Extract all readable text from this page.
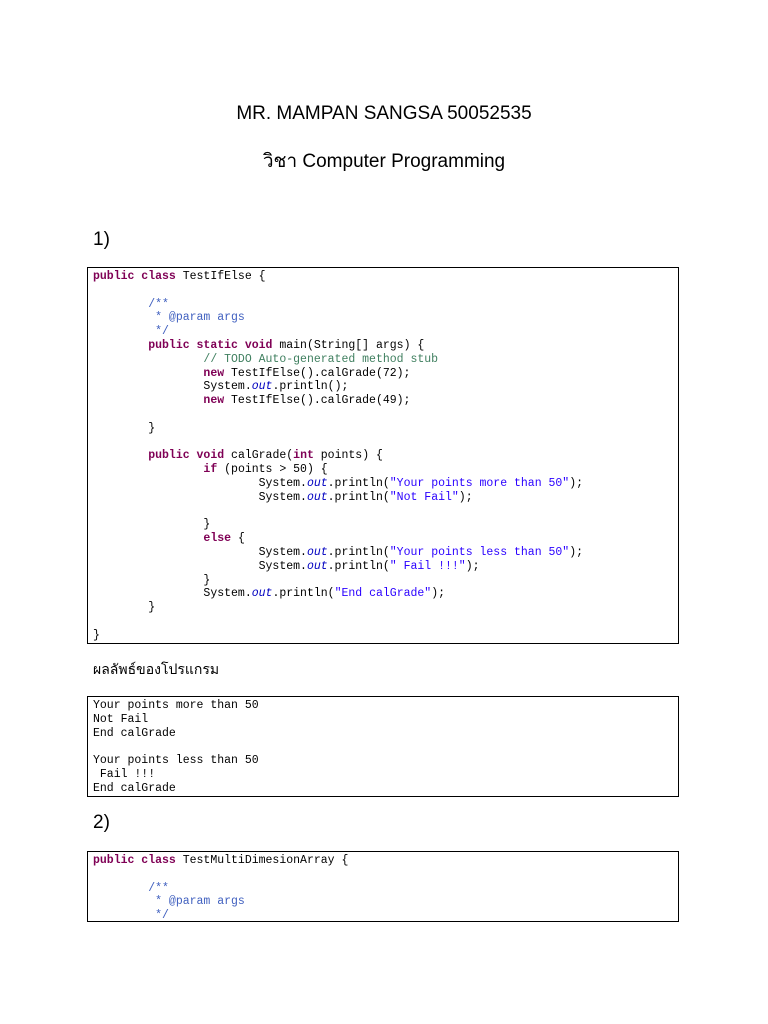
MR. MAMPAN SANGSA 50052535
วิชา Computer Programming
1)
public class TestIfElse {
/**
* @param args
*/
public static void main(String[] args) {
// TODO Auto-generated method stub
new TestIfElse().calGrade(72);
System.out.println();
new TestIfElse().calGrade(49);
}
public void calGrade(int points) {
if (points > 50) {
System.out.println("Your points more than 50");
System.out.println("Not Fail");
}
else {
System.out.println("Your points less than 50");
System.out.println(" Fail !!!");
}
System.out.println("End calGrade");
}
}
ผลลัพธ์ของโปรแกรม
Your points more than 50
Not Fail
End calGrade
Your points less than 50
Fail !!!
End calGrade
2)
public class TestMultiDimesionArray {
/**
* @param args
*/
